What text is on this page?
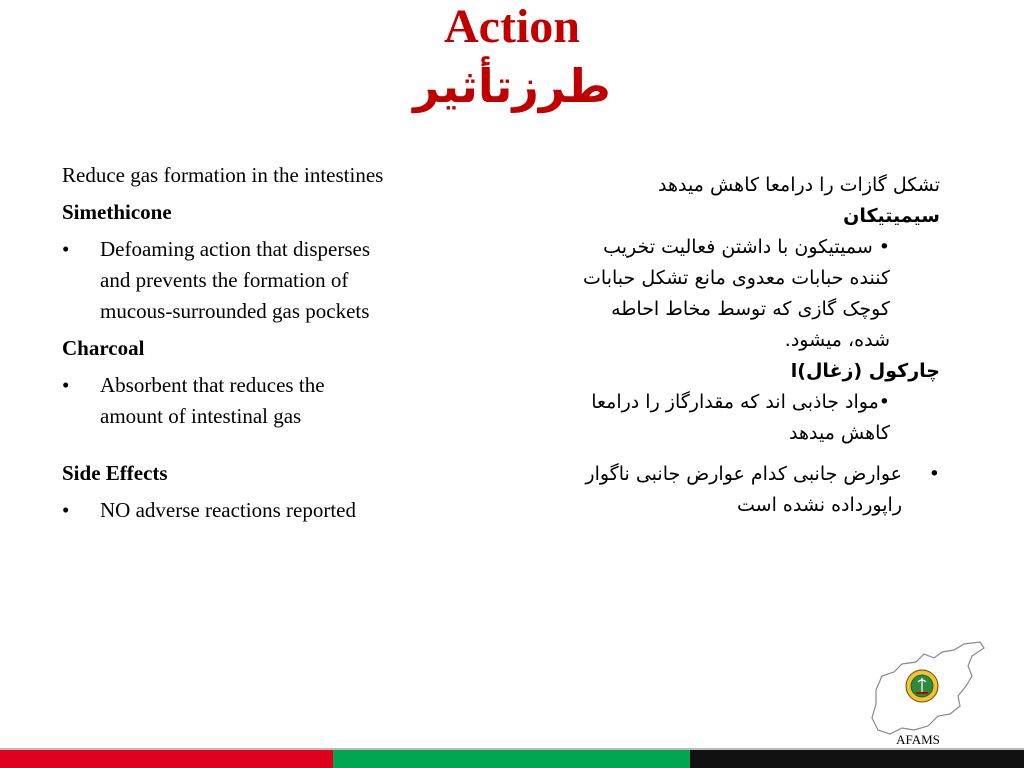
Action
طرزتأثیر

Reduce gas formation in the intestines

Simethicone

• Defoaming action that disperses and prevents the formation of mucous-surrounded gas pockets

Charcoal

• Absorbent that reduces the amount of intestinal gas

Side Effects

• NO adverse reactions reported

تشکل گازات را درامعا کاهش میدهد

سیمیتیکان

• سمیتیکون با داشتن فعالیت تخریب کننده حبابات معدوی مانع تشکل حبابات کوچک گازی که توسط مخاط احاطه شده، میشود.

چارکول (زغال)l

•مواد جاذبی اند که مقدارگاز را درامعا کاهش میدهد

•
عوارض جانبی کدام عوارض جانبی ناگوار راپورداده نشده است
AFAMS
